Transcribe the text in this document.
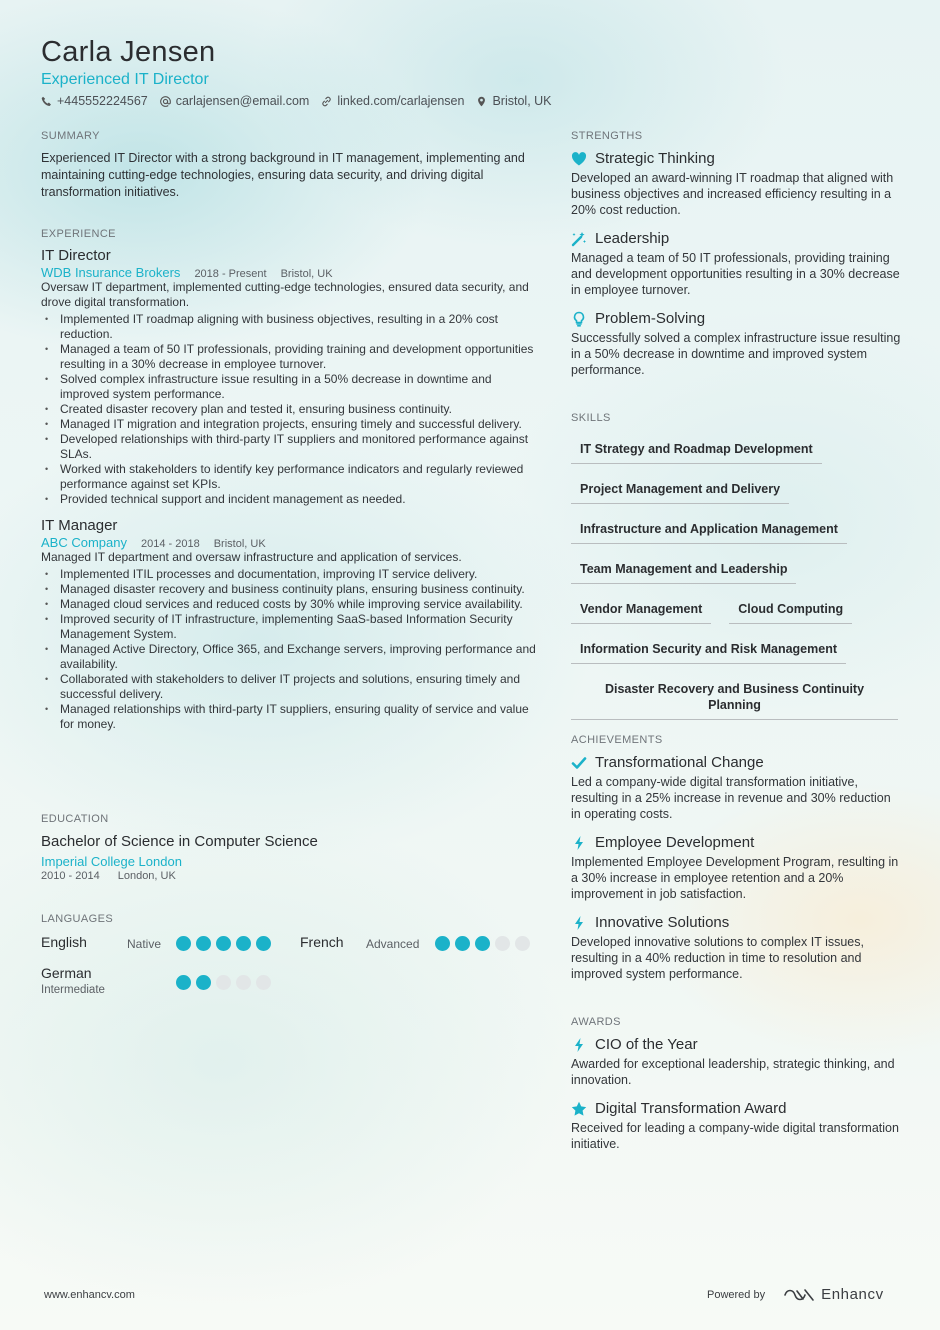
Carla Jensen
Experienced IT Director
+445552224567 carlajensen@email.com linked.com/carlajensen Bristol, UK
SUMMARY
Experienced IT Director with a strong background in IT management, implementing and maintaining cutting-edge technologies, ensuring data security, and driving digital transformation initiatives.
EXPERIENCE
IT Director
WDB Insurance Brokers 2018 - Present Bristol, UK
Oversaw IT department, implemented cutting-edge technologies, ensured data security, and drove digital transformation.
• Implemented IT roadmap aligning with business objectives, resulting in a 20% cost reduction.
• Managed a team of 50 IT professionals, providing training and development opportunities resulting in a 30% decrease in employee turnover.
• Solved complex infrastructure issue resulting in a 50% decrease in downtime and improved system performance.
• Created disaster recovery plan and tested it, ensuring business continuity.
• Managed IT migration and integration projects, ensuring timely and successful delivery.
• Developed relationships with third-party IT suppliers and monitored performance against SLAs.
• Worked with stakeholders to identify key performance indicators and regularly reviewed performance against set KPIs.
• Provided technical support and incident management as needed.
IT Manager
ABC Company 2014 - 2018 Bristol, UK
Managed IT department and oversaw infrastructure and application of services.
• Implemented ITIL processes and documentation, improving IT service delivery.
• Managed disaster recovery and business continuity plans, ensuring business continuity.
• Managed cloud services and reduced costs by 30% while improving service availability.
• Improved security of IT infrastructure, implementing SaaS-based Information Security Management System.
• Managed Active Directory, Office 365, and Exchange servers, improving performance and availability.
• Collaborated with stakeholders to deliver IT projects and solutions, ensuring timely and successful delivery.
• Managed relationships with third-party IT suppliers, ensuring quality of service and value for money.
EDUCATION
Bachelor of Science in Computer Science
Imperial College London
2010 - 2014 London, UK
LANGUAGES
English	Native	French Advanced
German
Intermediate
STRENGTHS
Strategic Thinking
Developed an award-winning IT roadmap that aligned with business objectives and increased efficiency resulting in a 20% cost reduction.
Leadership
Managed a team of 50 IT professionals, providing training and development opportunities resulting in a 30% decrease in employee turnover.
Problem-Solving
Successfully solved a complex infrastructure issue resulting in a 50% decrease in downtime and improved system performance.
SKILLS
IT Strategy and Roadmap Development
Project Management and Delivery
Infrastructure and Application Management
Team Management and Leadership
Vendor Management	Cloud Computing
Information Security and Risk Management
Disaster Recovery and Business Continuity Planning
ACHIEVEMENTS
Transformational Change
Led a company-wide digital transformation initiative, resulting in a 25% increase in revenue and 30% reduction in operating costs.
Employee Development
Implemented Employee Development Program, resulting in a 30% increase in employee retention and a 20% improvement in job satisfaction.
Innovative Solutions
Developed innovative solutions to complex IT issues, resulting in a 40% reduction in time to resolution and improved system performance.
AWARDS
CIO of the Year
Awarded for exceptional leadership, strategic thinking, and innovation.
Digital Transformation Award
Received for leading a company-wide digital transformation initiative.
www.enhancv.com	Powered by	Enhancv
